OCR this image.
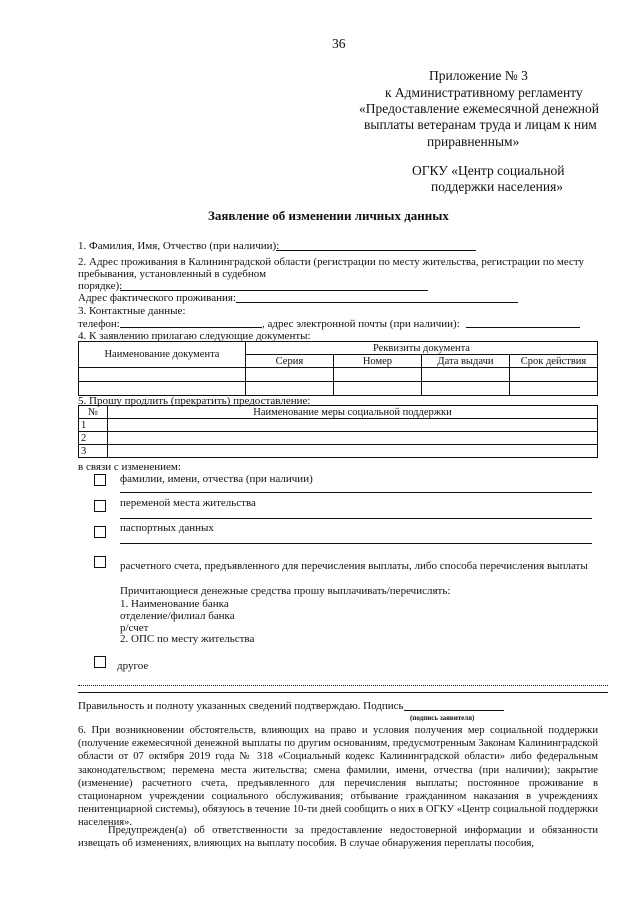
36
Приложение № 3
к Административному регламенту
«Предоставление ежемесячной денежной
выплаты ветеранам труда и лицам к ним
приравненным»
ОГКУ «Центр социальной
поддержки населения»
Заявление об изменении личных данных
1. Фамилия, Имя, Отчество (при наличии):
2. Адрес проживания в Калининградской области (регистрации по месту жительства, регистрации по месту
пребывания, установленный в судебном
порядке):
Адрес фактического проживания:
3. Контактные данные:
телефон:	, адрес электронной почты (при наличии):
4. К заявлению прилагаю следующие документы:
Наименование документа	Реквизиты документа			
	Серия	Номер	Дата выдачи	Срок действия

5. Прошу продлить (прекратить) предоставление:
№	Наименование меры социальной поддержки
1	
2	
3	
в связи с изменением:
фамилии, имени, отчества (при наличии)
переменой места жительства
паспортных данных
расчетного счета, предъявленного для перечисления выплаты, либо способа перечисления выплаты
Причитающиеся денежные средства прошу выплачивать/перечислять:
1. Наименование банка
отделение/филиал банка
р/счет
2. ОПС по месту жительства
другое
Правильность и полноту указанных сведений подтверждаю. Подпись
(подпись заявителя)
6. При возникновении обстоятельств, влияющих на право и условия получения мер социальной поддержки (получение ежемесячной денежной выплаты по другим основаниям, предусмотренным Законам Калининградской области от 07 октября 2019 года № 318 «Социальный кодекс Калининградской области» либо федеральным законодательством; перемена места жительства; смена фамилии, имени, отчества (при наличии); закрытие (изменение) расчетного счета, предъявленного для перечисления выплаты; постоянное проживание в стационарном учреждении социального обслуживания; отбывание гражданином наказания в учреждениях пенитенциарной системы), обязуюсь в течение 10-ти дней сообщить о них в ОГКУ «Центр социальной поддержки населения».
Предупрежден(а) об ответственности за предоставление недостоверной информации и обязанности извещать об изменениях, влияющих на выплату пособия. В случае обнаружения переплаты пособия,
